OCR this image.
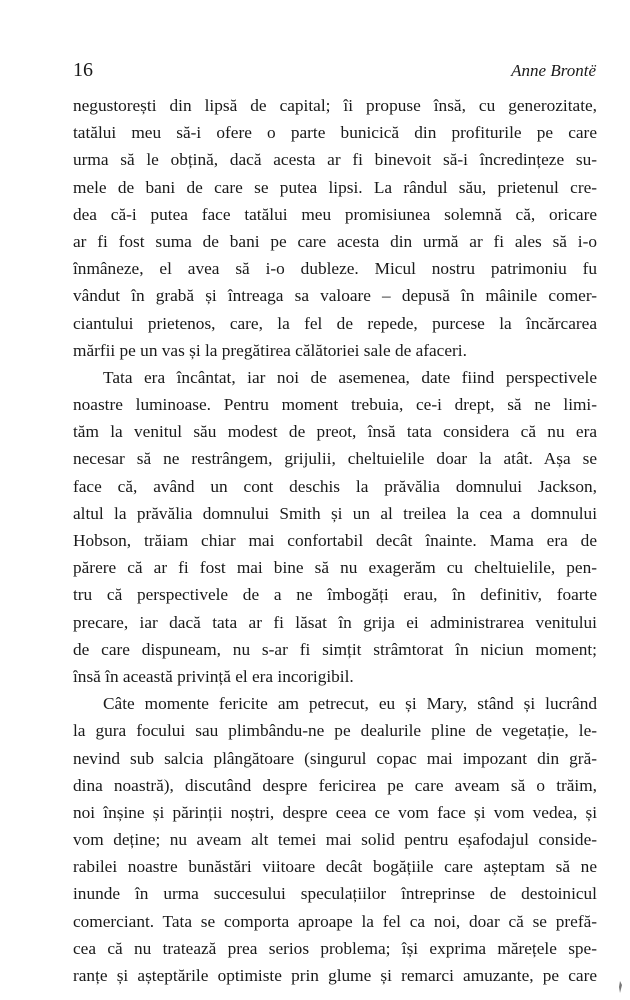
16	Anne Brontë
negustorești din lipsă de capital; îi propuse însă, cu generozitate,
tatălui meu să-i ofere o parte bunicică din profiturile pe care
urma să le obțină, dacă acesta ar fi binevoit să-i încredințeze su-
mele de bani de care se putea lipsi. La rândul său, prietenul cre-
dea că-i putea face tatălui meu promisiunea solemnă că, oricare
ar fi fost suma de bani pe care acesta din urmă ar fi ales să i-o
înmâneze, el avea să i-o dubleze. Micul nostru patrimoniu fu
vândut în grabă și întreaga sa valoare – depusă în mâinile comer-
ciantului prietenos, care, la fel de repede, purcese la încărcarea
mărfii pe un vas și la pregătirea călătoriei sale de afaceri.
Tata era încântat, iar noi de asemenea, date fiind perspectivele
noastre luminoase. Pentru moment trebuia, ce-i drept, să ne limi-
tăm la venitul său modest de preot, însă tata considera că nu era
necesar să ne restrângem, grijulii, cheltuielile doar la atât. Așa se
face că, având un cont deschis la prăvălia domnului Jackson,
altul la prăvălia domnului Smith și un al treilea la cea a domnului
Hobson, trăiam chiar mai confortabil decât înainte. Mama era de
părere că ar fi fost mai bine să nu exagerăm cu cheltuielile, pen-
tru că perspectivele de a ne îmbogăți erau, în definitiv, foarte
precare, iar dacă tata ar fi lăsat în grija ei administrarea venitului
de care dispuneam, nu s-ar fi simțit strâmtorat în niciun moment;
însă în această privință el era incorigibil.
Câte momente fericite am petrecut, eu și Mary, stând și lucrând
la gura focului sau plimbându-ne pe dealurile pline de vegetație, le-
nevind sub salcia plângătoare (singurul copac mai impozant din gră-
dina noastră), discutând despre fericirea pe care aveam să o trăim,
noi înșine și părinții noștri, despre ceea ce vom face și vom vedea, și
vom deține; nu aveam alt temei mai solid pentru eșafodajul conside-
rabilei noastre bunăstări viitoare decât bogățiile care așteptam să ne
inunde în urma succesului speculațiilor întreprinse de destoinicul
comerciant. Tata se comporta aproape la fel ca noi, doar că se prefă-
cea că nu tratează prea serios problema; își exprima mărețele spe-
ranțe și așteptările optimiste prin glume și remarci amuzante, pe care
